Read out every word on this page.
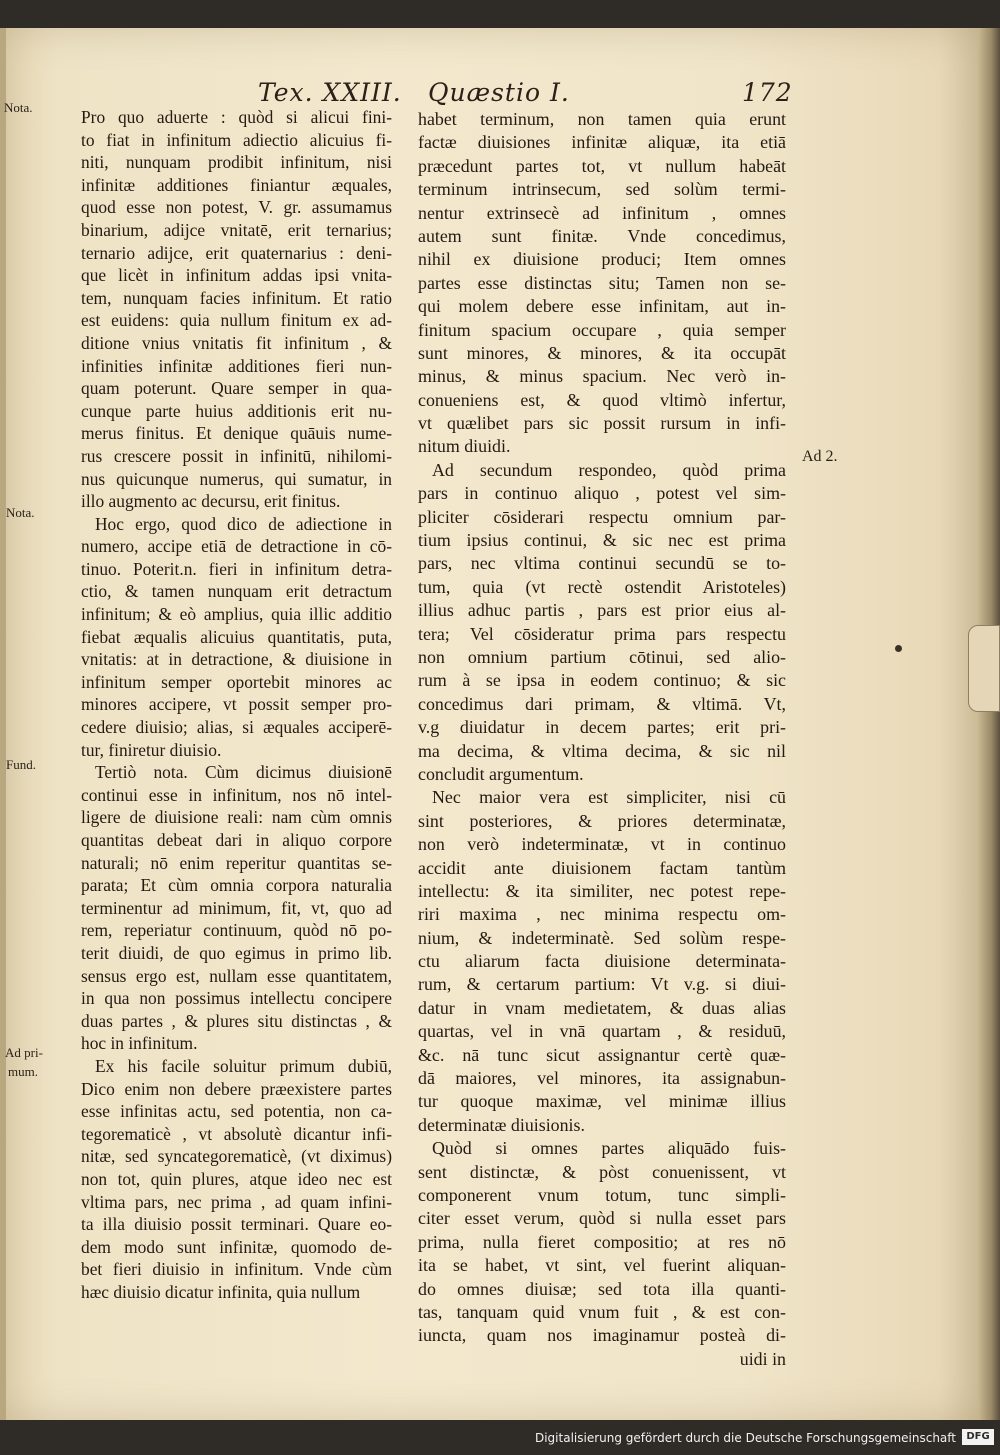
Tex. XXIII. Quæstio I.	172
Pro quo aduerte : quòd si alicui fini-
to fiat in infinitum adiectio alicuius fi-
niti, nunquam prodibit infinitum, nisi
infinitæ additiones finiantur æquales,
quod esse non potest, V. gr. assumamus
binarium, adijce vnitatē, erit ternarius;
ternario adijce, erit quaternarius : deni-
que licèt in infinitum addas ipsi vnita-
tem, nunquam facies infinitum. Et ratio
est euidens: quia nullum finitum ex ad-
ditione vnius vnitatis fit infinitum , &
infinities infinitæ additiones fieri nun-
quam poterunt. Quare semper in qua-
cunque parte huius additionis erit nu-
merus finitus. Et denique quāuis nume-
rus crescere possit in infinitū, nihilomi-
nus quicunque numerus, qui sumatur, in
illo augmento ac decursu, erit finitus.
Hoc ergo, quod dico de adiectione in
numero, accipe etiā de detractione in cō-
tinuo. Poterit.n. fieri in infinitum detra-
ctio, & tamen nunquam erit detractum
infinitum; & eò amplius, quia illic additio
fiebat æqualis alicuius quantitatis, puta,
vnitatis: at in detractione, & diuisione in
infinitum semper oportebit minores ac
minores accipere, vt possit semper pro-
cedere diuisio; alias, si æquales acciperē-
tur, finiretur diuisio.
Tertiò nota. Cùm dicimus diuisionē
continui esse in infinitum, nos nō intel-
ligere de diuisione reali: nam cùm omnis
quantitas debeat dari in aliquo corpore
naturali; nō enim reperitur quantitas se-
parata; Et cùm omnia corpora naturalia
terminentur ad minimum, fit, vt, quo ad
rem, reperiatur continuum, quòd nō po-
terit diuidi, de quo egimus in primo lib.
sensus ergo est, nullam esse quantitatem,
in qua non possimus intellectu concipere
duas partes , & plures situ distinctas , &
hoc in infinitum.
Ex his facile soluitur primum dubiū,
Dico enim non debere præexistere partes
esse infinitas actu, sed potentia, non ca-
tegorematicè , vt absolutè dicantur infi-
nitæ, sed syncategorematicè, (vt diximus)
non tot, quin plures, atque ideo nec est
vltima pars, nec prima , ad quam infini-
ta illa diuisio possit terminari. Quare eo-
dem modo sunt infinitæ, quomodo de-
bet fieri diuisio in infinitum. Vnde cùm
hæc diuisio dicatur infinita, quia nullum
habet terminum, non tamen quia erunt
factæ diuisiones infinitæ aliquæ, ita etiā
præcedunt partes tot, vt nullum habeāt
terminum intrinsecum, sed solùm termi-
nentur extrinsecè ad infinitum , omnes
autem sunt finitæ. Vnde concedimus,
nihil ex diuisione produci; Item omnes
partes esse distinctas situ; Tamen non se-
qui molem debere esse infinitam, aut in-
finitum spacium occupare , quia semper
sunt minores, & minores, & ita occupāt
minus, & minus spacium. Nec verò in-
conueniens est, & quod vltimò infertur,
vt quælibet pars sic possit rursum in infi-
nitum diuidi.
Ad secundum respondeo, quòd prima
pars in continuo aliquo , potest vel sim-
pliciter cōsiderari respectu omnium par-
tium ipsius continui, & sic nec est prima
pars, nec vltima continui secundū se to-
tum, quia (vt rectè ostendit Aristoteles)
illius adhuc partis , pars est prior eius al-
tera; Vel cōsideratur prima pars respectu
non omnium partium cōtinui, sed alio-
rum à se ipsa in eodem continuo; & sic
concedimus dari primam, & vltimā. Vt,
v.g diuidatur in decem partes; erit pri-
ma decima, & vltima decima, & sic nil
concludit argumentum.
Nec maior vera est simpliciter, nisi cū
sint posteriores, & priores determinatæ,
non verò indeterminatæ, vt in continuo
accidit ante diuisionem factam tantùm
intellectu: & ita similiter, nec potest repe-
riri maxima , nec minima respectu om-
nium, & indeterminatè. Sed solùm respe-
ctu aliarum facta diuisione determinata-
rum, & certarum partium: Vt v.g. si diui-
datur in vnam medietatem, & duas alias
quartas, vel in vnā quartam , & residuū,
&c. nā tunc sicut assignantur certè quæ-
dā maiores, vel minores, ita assignabun-
tur quoque maximæ, vel minimæ illius
determinatæ diuisionis.
Quòd si omnes partes aliquādo fuis-
sent distinctæ, & pòst conuenissent, vt
componerent vnum totum, tunc simpli-
citer esset verum, quòd si nulla esset pars
prima, nulla fieret compositio; at res nō
ita se habet, vt sint, vel fuerint aliquan-
do omnes diuisæ; sed tota illa quanti-
tas, tanquam quid vnum fuit , & est con-
iuncta, quam nos imaginamur posteà di-
uidi in
Nota.
Nota.
Fund.
Ad pri-
mum.
Ad 2.
Digitalisierung gefördert durch die Deutsche Forschungsgemeinschaft	DFG
